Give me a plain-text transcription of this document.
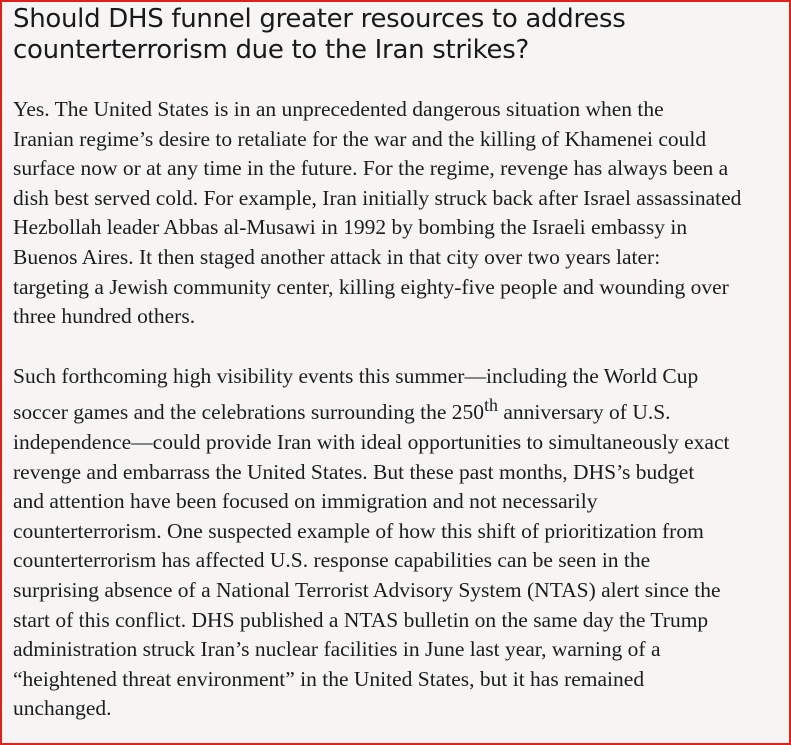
Should DHS funnel greater resources to address
counterterrorism due to the Iran strikes?

Yes. The United States is in an unprecedented dangerous situation when the
Iranian regime’s desire to retaliate for the war and the killing of Khamenei could
surface now or at any time in the future. For the regime, revenge has always been a
dish best served cold. For example, Iran initially struck back after Israel assassinated
Hezbollah leader Abbas al-Musawi in 1992 by bombing the Israeli embassy in
Buenos Aires. It then staged another attack in that city over two years later:
targeting a Jewish community center, killing eighty-five people and wounding over
three hundred others.

Such forthcoming high visibility events this summer—including the World Cup
soccer games and the celebrations surrounding the 250th anniversary of U.S.
independence—could provide Iran with ideal opportunities to simultaneously exact
revenge and embarrass the United States. But these past months, DHS’s budget
and attention have been focused on immigration and not necessarily
counterterrorism. One suspected example of how this shift of prioritization from
counterterrorism has affected U.S. response capabilities can be seen in the
surprising absence of a National Terrorist Advisory System (NTAS) alert since the
start of this conflict. DHS published a NTAS bulletin on the same day the Trump
administration struck Iran’s nuclear facilities in June last year, warning of a
“heightened threat environment” in the United States, but it has remained
unchanged.
